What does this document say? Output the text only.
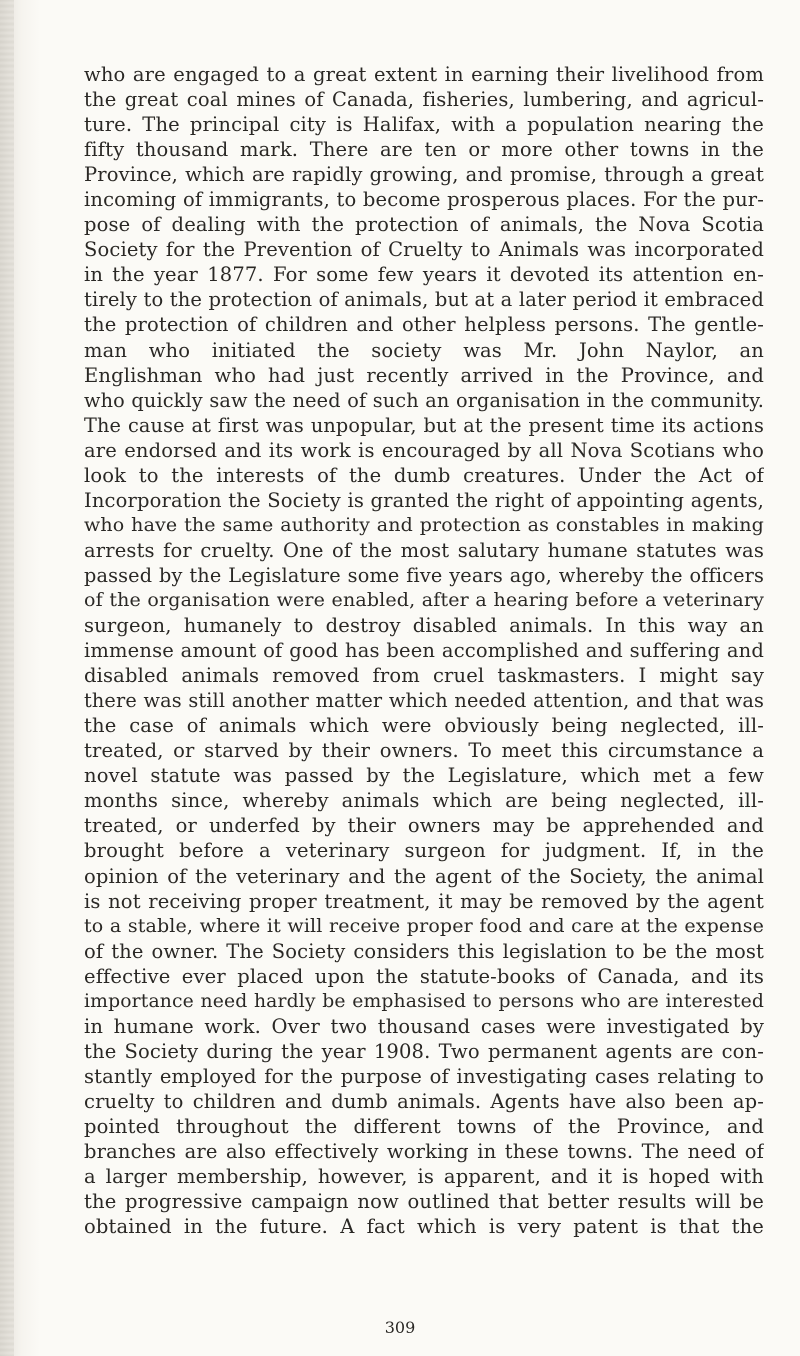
who are engaged to a great extent in earning their livelihood from
the great coal mines of Canada, fisheries, lumbering, and agricul-
ture. The principal city is Halifax, with a population nearing the
fifty thousand mark. There are ten or more other towns in the
Province, which are rapidly growing, and promise, through a great
incoming of immigrants, to become prosperous places. For the pur-
pose of dealing with the protection of animals, the Nova Scotia
Society for the Prevention of Cruelty to Animals was incorporated
in the year 1877. For some few years it devoted its attention en-
tirely to the protection of animals, but at a later period it embraced
the protection of children and other helpless persons. The gentle-
man who initiated the society was Mr. John Naylor, an
Englishman who had just recently arrived in the Province, and
who quickly saw the need of such an organisation in the community.
The cause at first was unpopular, but at the present time its actions
are endorsed and its work is encouraged by all Nova Scotians who
look to the interests of the dumb creatures. Under the Act of
Incorporation the Society is granted the right of appointing agents,
who have the same authority and protection as constables in making
arrests for cruelty. One of the most salutary humane statutes was
passed by the Legislature some five years ago, whereby the officers
of the organisation were enabled, after a hearing before a veterinary
surgeon, humanely to destroy disabled animals. In this way an
immense amount of good has been accomplished and suffering and
disabled animals removed from cruel taskmasters. I might say
there was still another matter which needed attention, and that was
the case of animals which were obviously being neglected, ill-
treated, or starved by their owners. To meet this circumstance a
novel statute was passed by the Legislature, which met a few
months since, whereby animals which are being neglected, ill-
treated, or underfed by their owners may be apprehended and
brought before a veterinary surgeon for judgment. If, in the
opinion of the veterinary and the agent of the Society, the animal
is not receiving proper treatment, it may be removed by the agent
to a stable, where it will receive proper food and care at the expense
of the owner. The Society considers this legislation to be the most
effective ever placed upon the statute-books of Canada, and its
importance need hardly be emphasised to persons who are interested
in humane work. Over two thousand cases were investigated by
the Society during the year 1908. Two permanent agents are con-
stantly employed for the purpose of investigating cases relating to
cruelty to children and dumb animals. Agents have also been ap-
pointed throughout the different towns of the Province, and
branches are also effectively working in these towns. The need of
a larger membership, however, is apparent, and it is hoped with
the progressive campaign now outlined that better results will be
obtained in the future. A fact which is very patent is that the
309
